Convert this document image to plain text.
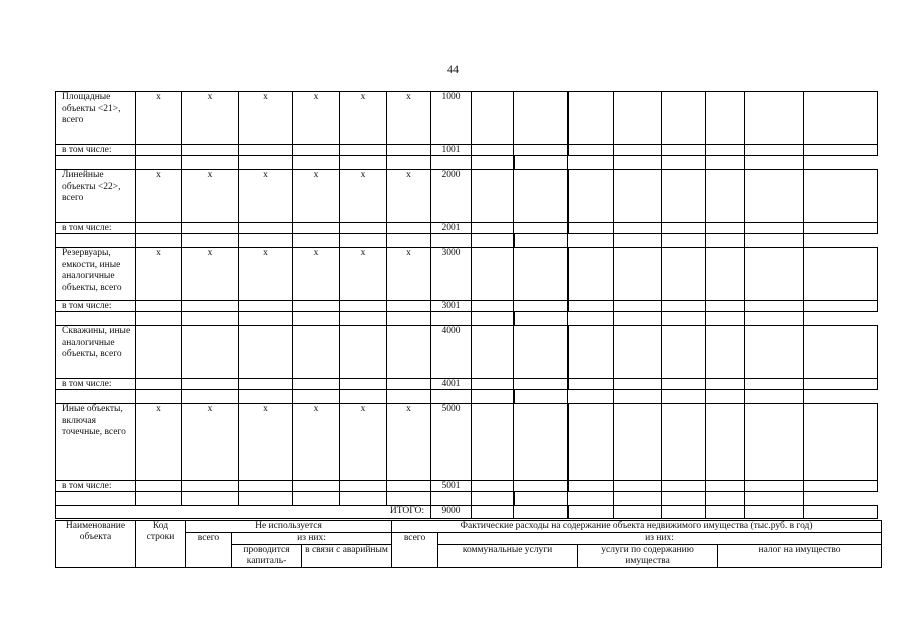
44
Площадные объекты <21>, всего	x	x	x	x	x	x	1000								
в том числе:							1001								

Линейные объекты <22>, всего	x	x	x	x	x	x	2000								
в том числе:							2001								

Резервуары, емкости, иные аналогичные объекты, всего	x	x	x	x	x	x	3000								
в том числе:							3001								

Скважины, иные аналогичные объекты, всего							4000								
в том числе:							4001								

Иные объекты, включая точечные, всего	x	x	x	x	x	x	5000								
в том числе:							5001								

ИТОГО:							9000								
Наименование объекта	Код строки	Не используется			Фактические расходы на содержание объекта недвижимого имущества (тыс.руб. в год)			
		всего	из них:		всего	из них:		
			проводится капиталь-	в связи с аварийным		коммунальные услуги	услуги по содержанию имущества	налог на имущество
